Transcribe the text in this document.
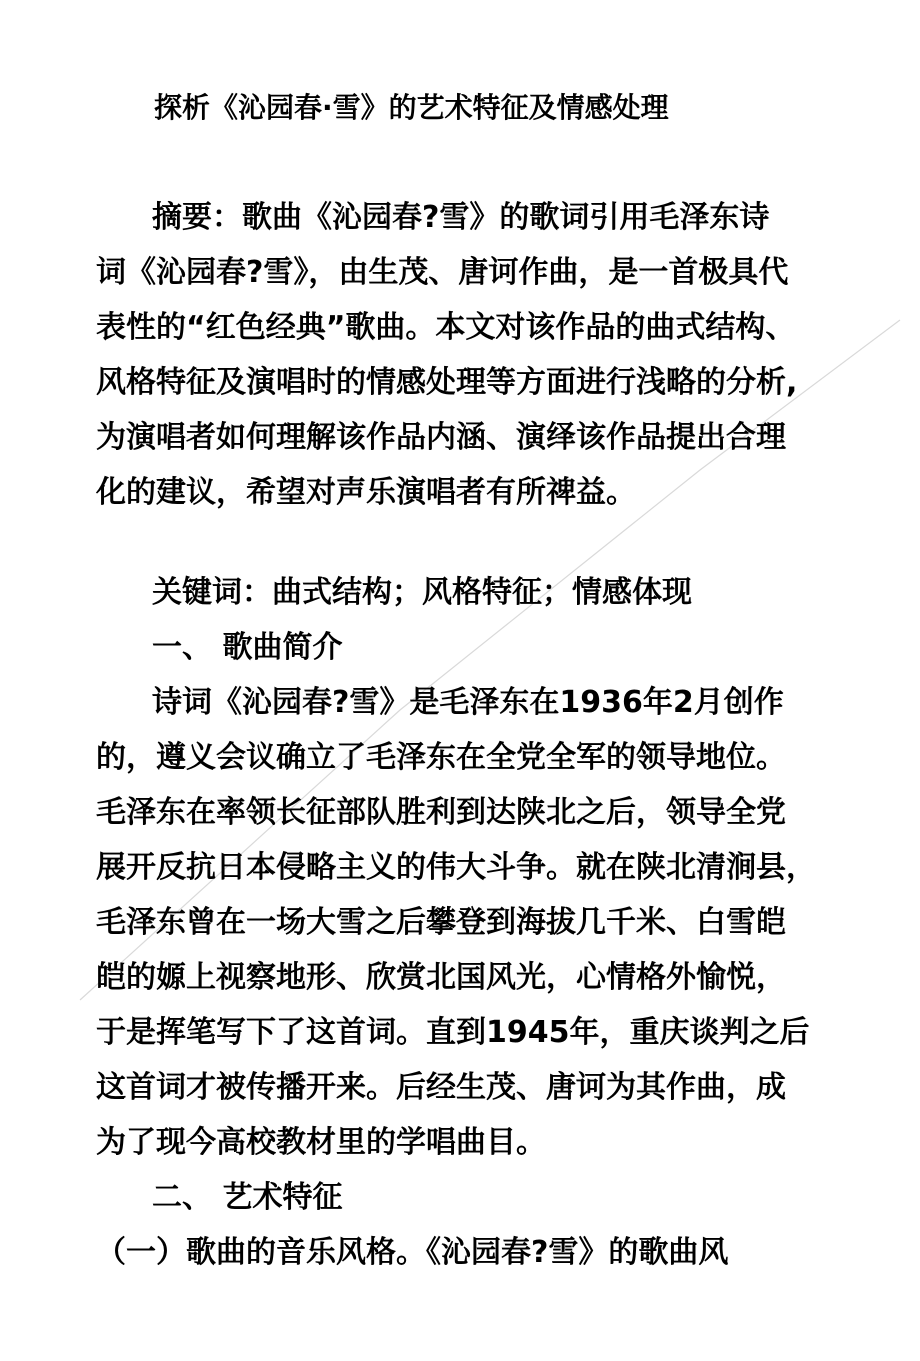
探析《沁园春·雪》的艺术特征及情感处理
摘要：歌曲《沁园春?雪》的歌词引用毛泽东诗
词《沁园春?雪》，由生茂、唐诃作曲，是一首极具代
表性的“红色经典”歌曲。本文对该作品的曲式结构、
风格特征及演唱时的情感处理等方面进行浅略的分析,
为演唱者如何理解该作品内涵、演绎该作品提出合理
化的建议，希望对声乐演唱者有所禆益。
关键词：曲式结构；风格特征；情感体现
一、 歌曲简介
诗词《沁园春?雪》是毛泽东在1936年2月创作
的，遵义会议确立了毛泽东在全党全军的领导地位。
毛泽东在率领长征部队胜利到达陕北之后，领导全党
展开反抗日本侵略主义的伟大斗争。就在陕北清涧县，
毛泽东曾在一场大雪之后攀登到海拔几千米、白雪皑
皑的嫄上视察地形、欣赏北国风光，心情格外愉悦，
于是挥笔写下了这首词。直到1945年，重庆谈判之后
这首词才被传播开来。后经生茂、唐诃为其作曲，成
为了现今高校教材里的学唱曲目。
二、 艺术特征
（一）歌曲的音乐风格。《沁园春?雪》的歌曲风
